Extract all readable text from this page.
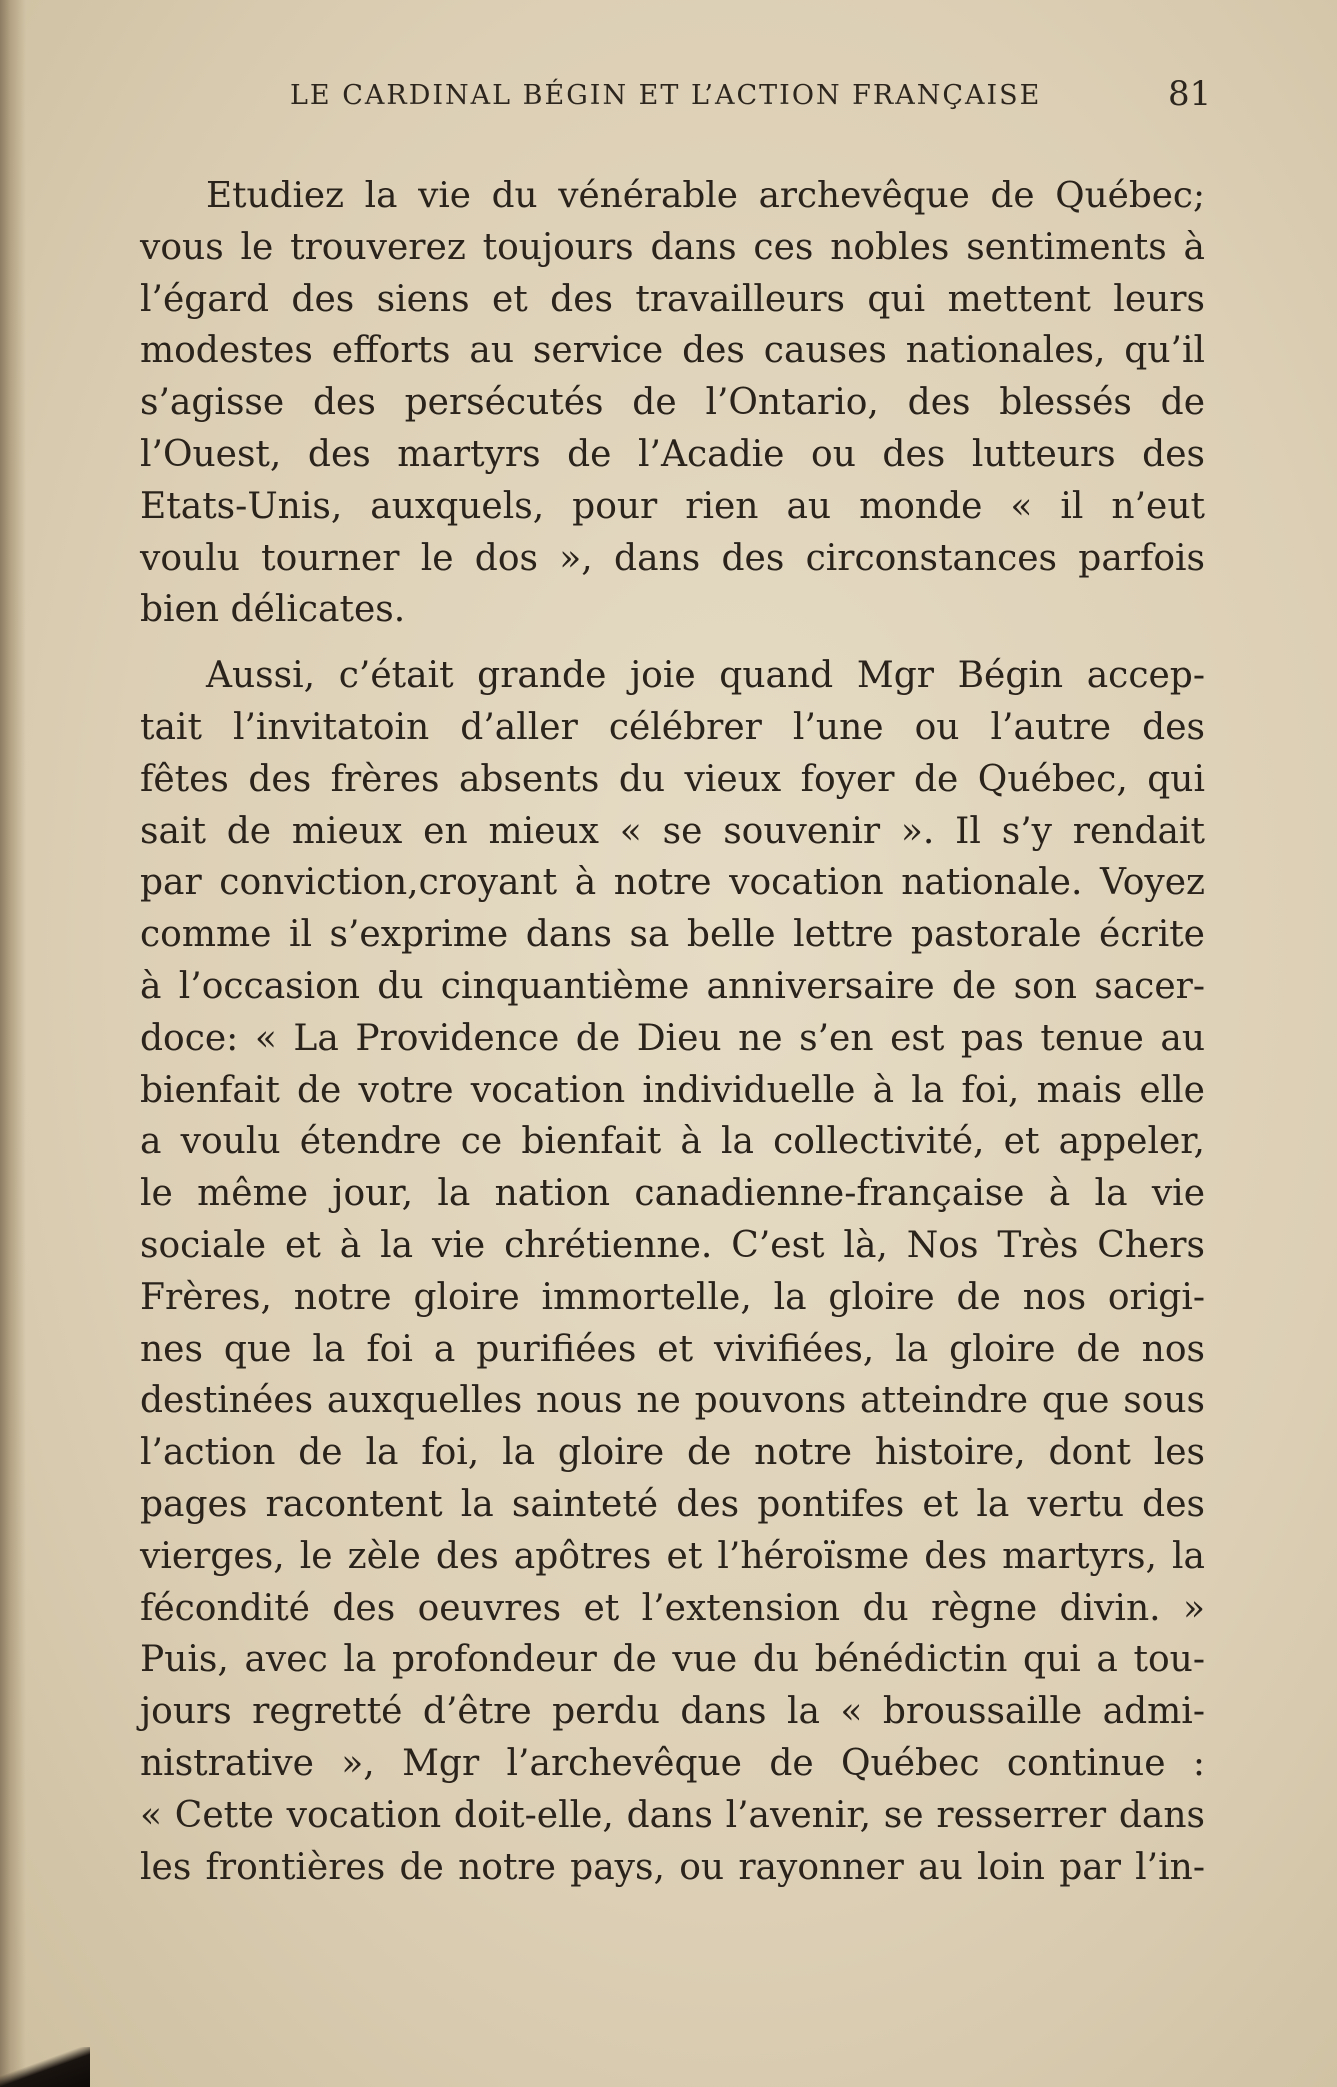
LE CARDINAL BÉGIN ET L’ACTION FRANÇAISE	81

Etudiez la vie du vénérable archevêque de Québec;
vous le trouverez toujours dans ces nobles sentiments à
l’égard des siens et des travailleurs qui mettent leurs
modestes efforts au service des causes nationales, qu’il
s’agisse des persécutés de l’Ontario, des blessés de
l’Ouest, des martyrs de l’Acadie ou des lutteurs des
Etats-Unis, auxquels, pour rien au monde « il n’eut
voulu tourner le dos », dans des circonstances parfois
bien délicates.

Aussi, c’était grande joie quand Mgr Bégin accep-
tait l’invitatoin d’aller célébrer l’une ou l’autre des
fêtes des frères absents du vieux foyer de Québec, qui
sait de mieux en mieux « se souvenir ». Il s’y rendait
par conviction,croyant à notre vocation nationale. Voyez
comme il s’exprime dans sa belle lettre pastorale écrite
à l’occasion du cinquantième anniversaire de son sacer-
doce: « La Providence de Dieu ne s’en est pas tenue au
bienfait de votre vocation individuelle à la foi, mais elle
a voulu étendre ce bienfait à la collectivité, et appeler,
le même jour, la nation canadienne-française à la vie
sociale et à la vie chrétienne. C’est là, Nos Très Chers
Frères, notre gloire immortelle, la gloire de nos origi-
nes que la foi a purifiées et vivifiées, la gloire de nos
destinées auxquelles nous ne pouvons atteindre que sous
l’action de la foi, la gloire de notre histoire, dont les
pages racontent la sainteté des pontifes et la vertu des
vierges, le zèle des apôtres et l’héroïsme des martyrs, la
fécondité des oeuvres et l’extension du règne divin. »
Puis, avec la profondeur de vue du bénédictin qui a tou-
jours regretté d’être perdu dans la « broussaille admi-
nistrative », Mgr l’archevêque de Québec continue :
« Cette vocation doit-elle, dans l’avenir, se resserrer dans
les frontières de notre pays, ou rayonner au loin par l’in-
